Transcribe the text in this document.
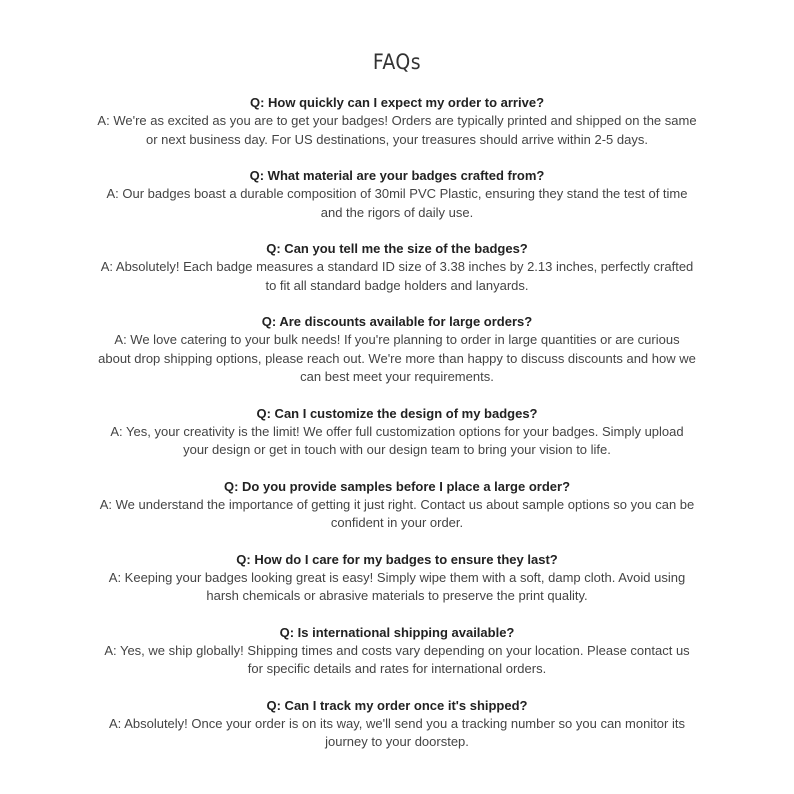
FAQs
Q: How quickly can I expect my order to arrive?
A: We're as excited as you are to get your badges! Orders are typically printed and shipped on the same or next business day. For US destinations, your treasures should arrive within 2-5 days.
Q: What material are your badges crafted from?
A: Our badges boast a durable composition of 30mil PVC Plastic, ensuring they stand the test of time and the rigors of daily use.
Q: Can you tell me the size of the badges?
A: Absolutely! Each badge measures a standard ID size of 3.38 inches by 2.13 inches, perfectly crafted to fit all standard badge holders and lanyards.
Q: Are discounts available for large orders?
A: We love catering to your bulk needs! If you're planning to order in large quantities or are curious about drop shipping options, please reach out. We're more than happy to discuss discounts and how we can best meet your requirements.
Q: Can I customize the design of my badges?
A: Yes, your creativity is the limit! We offer full customization options for your badges. Simply upload your design or get in touch with our design team to bring your vision to life.
Q: Do you provide samples before I place a large order?
A: We understand the importance of getting it just right. Contact us about sample options so you can be confident in your order.
Q: How do I care for my badges to ensure they last?
A: Keeping your badges looking great is easy! Simply wipe them with a soft, damp cloth. Avoid using harsh chemicals or abrasive materials to preserve the print quality.
Q: Is international shipping available?
A: Yes, we ship globally! Shipping times and costs vary depending on your location. Please contact us for specific details and rates for international orders.
Q: Can I track my order once it's shipped?
A: Absolutely! Once your order is on its way, we'll send you a tracking number so you can monitor its journey to your doorstep.
